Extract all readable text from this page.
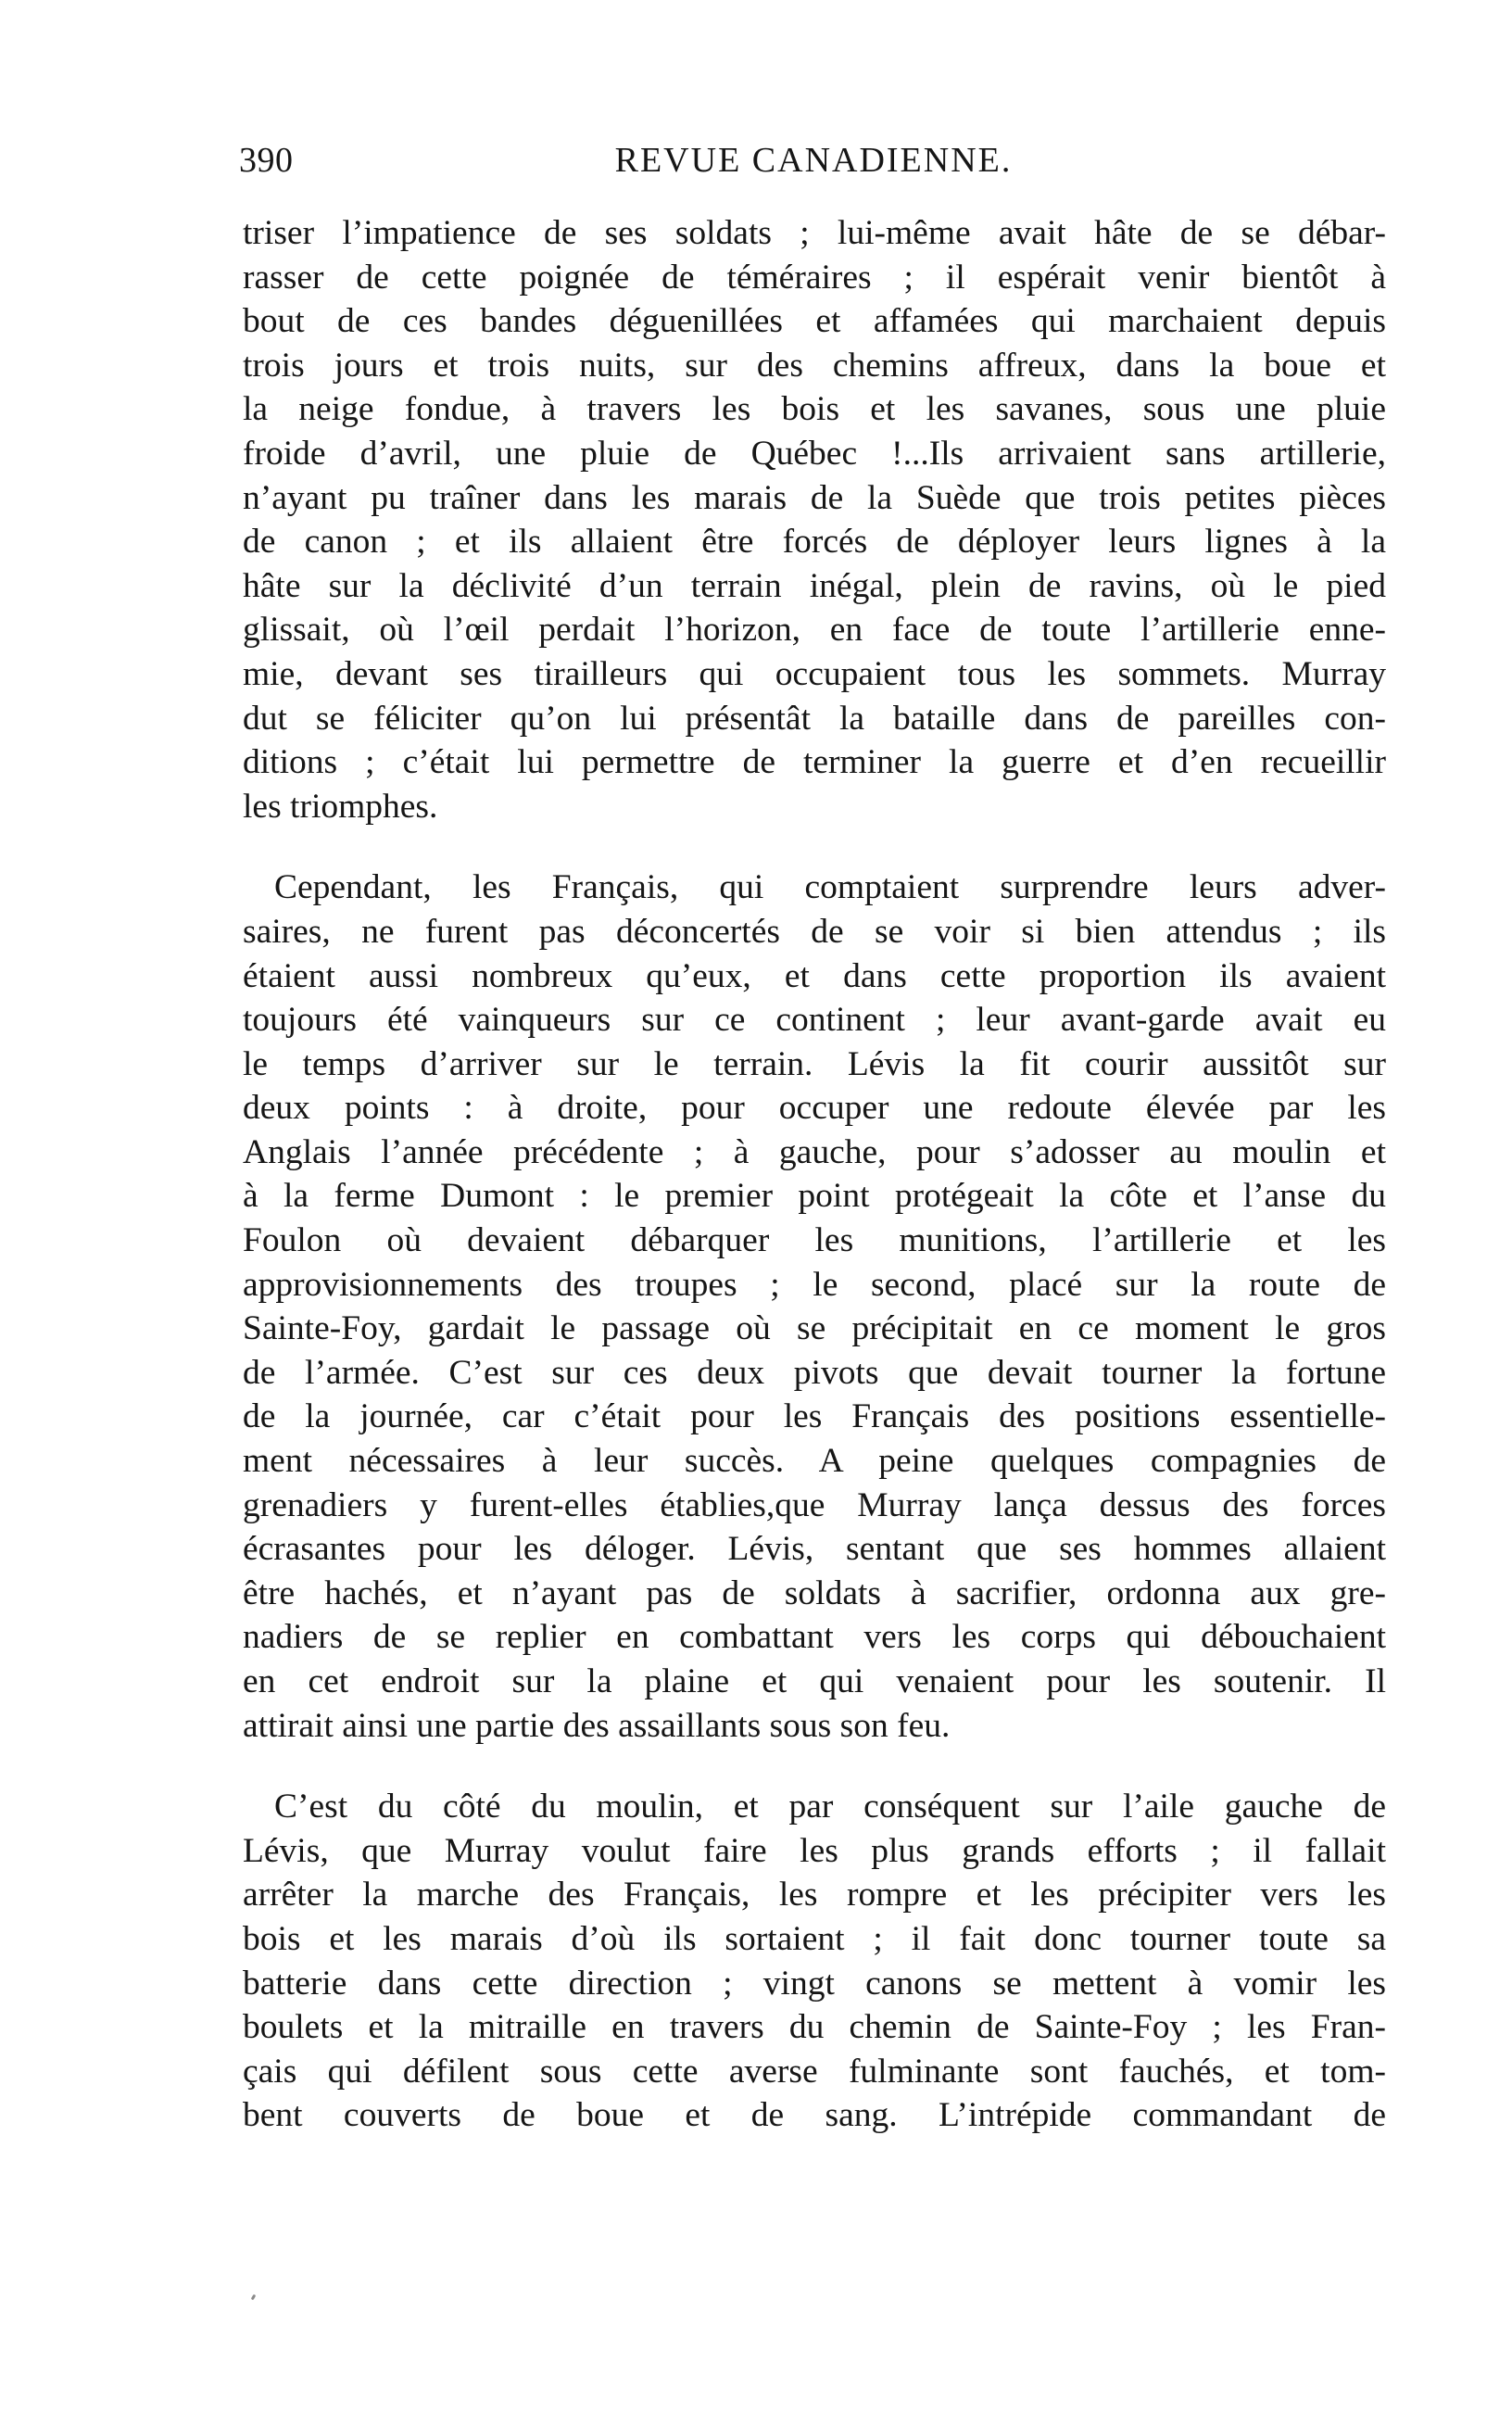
390	REVUE CANADIENNE.

triser l’impatience de ses soldats ; lui-même avait hâte de se débar-
rasser de cette poignée de téméraires ; il espérait venir bientôt à
bout de ces bandes déguenillées et affamées qui marchaient depuis
trois jours et trois nuits, sur des chemins affreux, dans la boue et
la neige fondue, à travers les bois et les savanes, sous une pluie
froide d’avril, une pluie de Québec !...Ils arrivaient sans artillerie,
n’ayant pu traîner dans les marais de la Suède que trois petites pièces
de canon ; et ils allaient être forcés de déployer leurs lignes à la
hâte sur la déclivité d’un terrain inégal, plein de ravins, où le pied
glissait, où l’œil perdait l’horizon, en face de toute l’artillerie enne-
mie, devant ses tirailleurs qui occupaient tous les sommets. Murray
dut se féliciter qu’on lui présentât la bataille dans de pareilles con-
ditions ; c’était lui permettre de terminer la guerre et d’en recueillir
les triomphes.

Cependant, les Français, qui comptaient surprendre leurs adver-
saires, ne furent pas déconcertés de se voir si bien attendus ; ils
étaient aussi nombreux qu’eux, et dans cette proportion ils avaient
toujours été vainqueurs sur ce continent ; leur avant-garde avait eu
le temps d’arriver sur le terrain. Lévis la fit courir aussitôt sur
deux points : à droite, pour occuper une redoute élevée par les
Anglais l’année précédente ; à gauche, pour s’adosser au moulin et
à la ferme Dumont : le premier point protégeait la côte et l’anse du
Foulon où devaient débarquer les munitions, l’artillerie et les
approvisionnements des troupes ; le second, placé sur la route de
Sainte-Foy, gardait le passage où se précipitait en ce moment le gros
de l’armée. C’est sur ces deux pivots que devait tourner la fortune
de la journée, car c’était pour les Français des positions essentielle-
ment nécessaires à leur succès. A peine quelques compagnies de
grenadiers y furent-elles établies,que Murray lança dessus des forces
écrasantes pour les déloger. Lévis, sentant que ses hommes allaient
être hachés, et n’ayant pas de soldats à sacrifier, ordonna aux gre-
nadiers de se replier en combattant vers les corps qui débouchaient
en cet endroit sur la plaine et qui venaient pour les soutenir. Il
attirait ainsi une partie des assaillants sous son feu.

C’est du côté du moulin, et par conséquent sur l’aile gauche de
Lévis, que Murray voulut faire les plus grands efforts ; il fallait
arrêter la marche des Français, les rompre et les précipiter vers les
bois et les marais d’où ils sortaient ; il fait donc tourner toute sa
batterie dans cette direction ; vingt canons se mettent à vomir les
boulets et la mitraille en travers du chemin de Sainte-Foy ; les Fran-
çais qui défilent sous cette averse fulminante sont fauchés, et tom-
bent couverts de boue et de sang. L’intrépide commandant de
